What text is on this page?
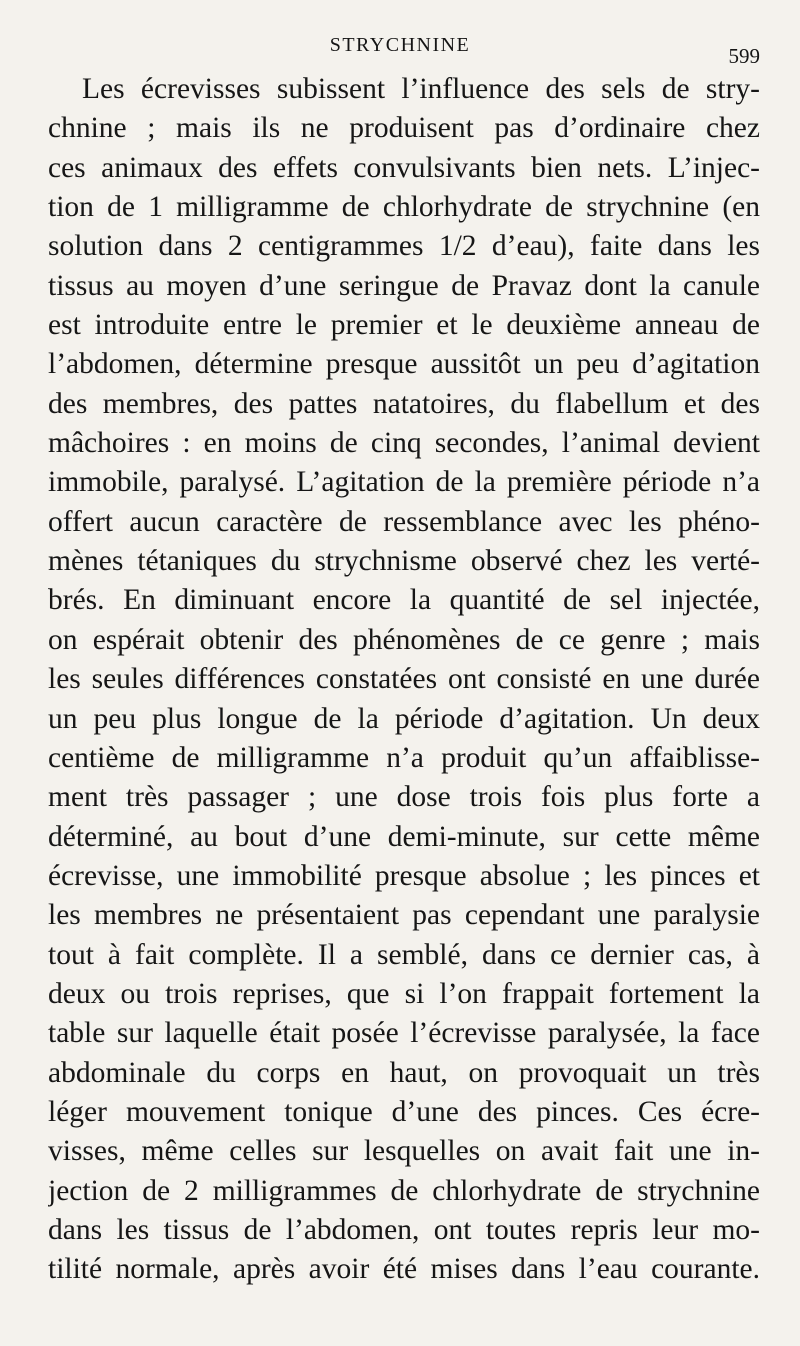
STRYCHNINE	599

Les écrevisses subissent l’influence des sels de stry-
chnine ; mais ils ne produisent pas d’ordinaire chez
ces animaux des effets convulsivants bien nets. L’injec-
tion de 1 milligramme de chlorhydrate de strychnine (en
solution dans 2 centigrammes 1/2 d’eau), faite dans les
tissus au moyen d’une seringue de Pravaz dont la canule
est introduite entre le premier et le deuxième anneau de
l’abdomen, détermine presque aussitôt un peu d’agitation
des membres, des pattes natatoires, du flabellum et des
mâchoires : en moins de cinq secondes, l’animal devient
immobile, paralysé. L’agitation de la première période n’a
offert aucun caractère de ressemblance avec les phéno-
mènes tétaniques du strychnisme observé chez les verté-
brés. En diminuant encore la quantité de sel injectée,
on espérait obtenir des phénomènes de ce genre ; mais
les seules différences constatées ont consisté en une durée
un peu plus longue de la période d’agitation. Un deux
centième de milligramme n’a produit qu’un affaiblisse-
ment très passager ; une dose trois fois plus forte a
déterminé, au bout d’une demi-minute, sur cette même
écrevisse, une immobilité presque absolue ; les pinces et
les membres ne présentaient pas cependant une paralysie
tout à fait complète. Il a semblé, dans ce dernier cas, à
deux ou trois reprises, que si l’on frappait fortement la
table sur laquelle était posée l’écrevisse paralysée, la face
abdominale du corps en haut, on provoquait un très
léger mouvement tonique d’une des pinces. Ces écre-
visses, même celles sur lesquelles on avait fait une in-
jection de 2 milligrammes de chlorhydrate de strychnine
dans les tissus de l’abdomen, ont toutes repris leur mo-
tilité normale, après avoir été mises dans l’eau courante.
